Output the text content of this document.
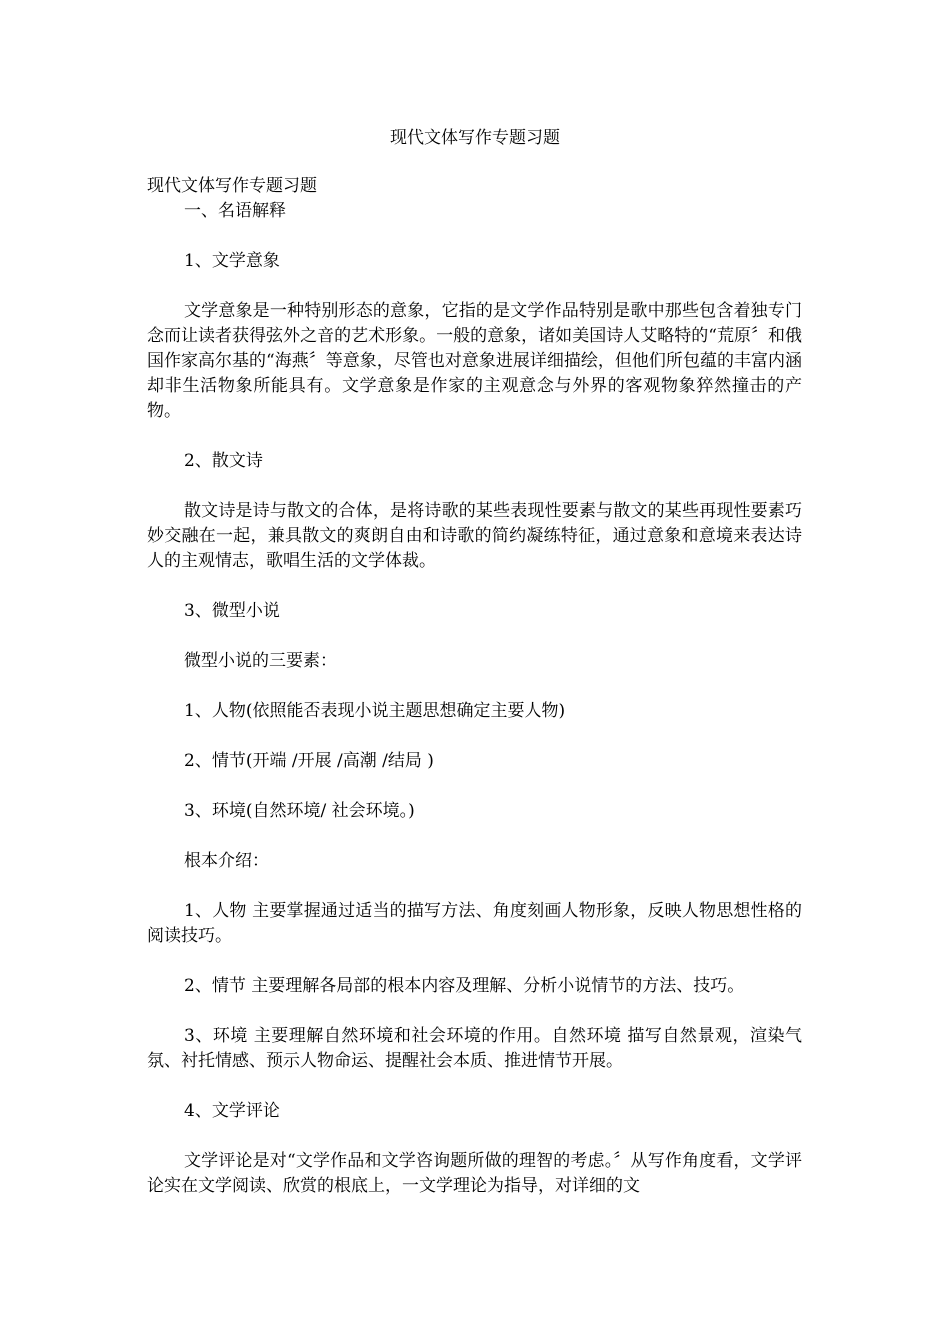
现代文体写作专题习题

现代文体写作专题习题

一、名语解释

1、文学意象

文学意象是一种特别形态的意象，它指的是文学作品特别是歌中那些包含着独专门念而让读者获得弦外之音的艺术形象。一般的意象，诸如美国诗人艾略特的“荒原〞和俄国作家高尔基的“海燕〞等意象，尽管也对意象进展详细描绘，但他们所包蕴的丰富内涵却非生活物象所能具有。文学意象是作家的主观意念与外界的客观物象猝然撞击的产物。

2、散文诗

散文诗是诗与散文的合体，是将诗歌的某些表现性要素与散文的某些再现性要素巧妙交融在一起，兼具散文的爽朗自由和诗歌的简约凝练特征，通过意象和意境来表达诗人的主观情志，歌唱生活的文学体裁。

3、微型小说

微型小说的三要素：

1、人物(依照能否表现小说主题思想确定主要人物)

2、情节(开端 /开展 /高潮 /结局 )

3、环境(自然环境/ 社会环境。)

根本介绍：

1、人物 主要掌握通过适当的描写方法、角度刻画人物形象，反映人物思想性格的阅读技巧。

2、情节 主要理解各局部的根本内容及理解、分析小说情节的方法、技巧。

3、环境 主要理解自然环境和社会环境的作用。自然环境 描写自然景观，渲染气氛、衬托情感、预示人物命运、提醒社会本质、推进情节开展。

4、文学评论

文学评论是对“文学作品和文学咨询题所做的理智的考虑。〞从写作角度看，文学评论实在文学阅读、欣赏的根底上，一文学理论为指导，对详细的文
